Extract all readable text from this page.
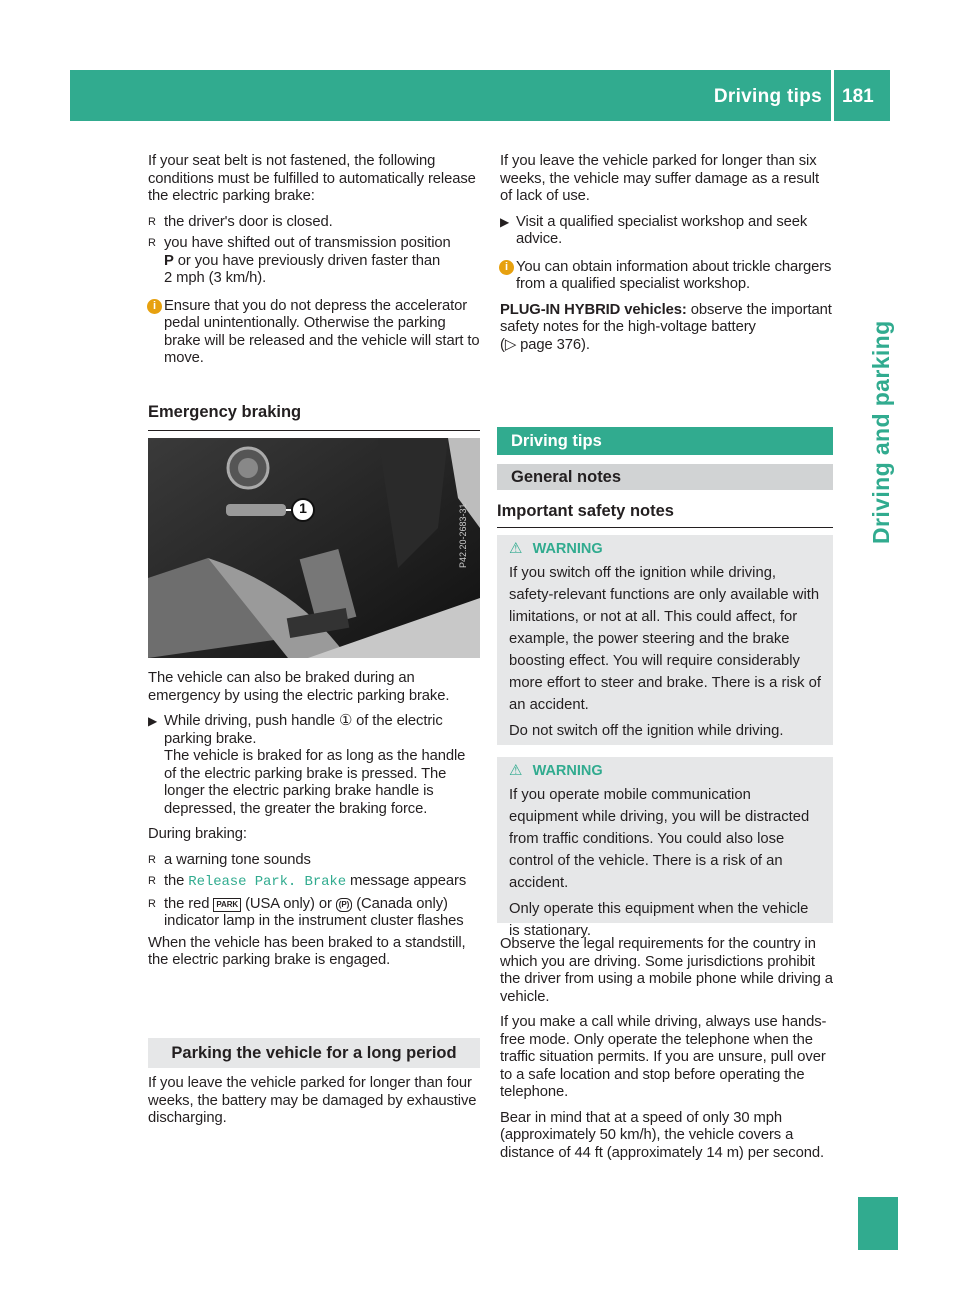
Driving tips 181
Driving and parking

If your seat belt is not fastened, the following conditions must be fulfilled to automatically release the electric parking brake:

R the driver's door is closed.
R you have shifted out of transmission position
P or you have previously driven faster than
2 mph (3 km/h).
i Ensure that you do not depress the accelerator pedal unintentionally. Otherwise the parking brake will be released and the vehicle will start to move.
Emergency braking
1	P42.20-2683-31

The vehicle can also be braked during an emergency by using the electric parking brake.

▶ While driving, push handle ① of the electric parking brake.
The vehicle is braked for as long as the handle of the electric parking brake is pressed. The longer the electric parking brake handle is depressed, the greater the braking force.

During braking:

R a warning tone sounds
R the Release Park. Brake message appears
R the red PARK (USA only) or (P) (Canada only) indicator lamp in the instrument cluster flashes

When the vehicle has been braked to a standstill, the electric parking brake is engaged.

Parking the vehicle for a long period

If you leave the vehicle parked for longer than four weeks, the battery may be damaged by exhaustive discharging.

If you leave the vehicle parked for longer than six weeks, the vehicle may suffer damage as a result of lack of use.

▶ Visit a qualified specialist workshop and seek advice.
i You can obtain information about trickle chargers from a qualified specialist workshop.

PLUG-IN HYBRID vehicles: observe the important safety notes for the high-voltage battery
(▷ page 376).

Driving tips
General notes
Important safety notes
⚠ WARNING

If you switch off the ignition while driving, safety-relevant functions are only available with limitations, or not at all. This could affect, for example, the power steering and the brake boosting effect. You will require considerably more effort to steer and brake. There is a risk of an accident.

Do not switch off the ignition while driving.

⚠ WARNING

If you operate mobile communication equipment while driving, you will be distracted from traffic conditions. You could also lose control of the vehicle. There is a risk of an accident.

Only operate this equipment when the vehicle is stationary.

Observe the legal requirements for the country in which you are driving. Some jurisdictions prohibit the driver from using a mobile phone while driving a vehicle.

If you make a call while driving, always use hands-free mode. Only operate the telephone when the traffic situation permits. If you are unsure, pull over to a safe location and stop before operating the telephone.

Bear in mind that at a speed of only 30 mph (approximately 50 km/h), the vehicle covers a distance of 44 ft (approximately 14 m) per second.
